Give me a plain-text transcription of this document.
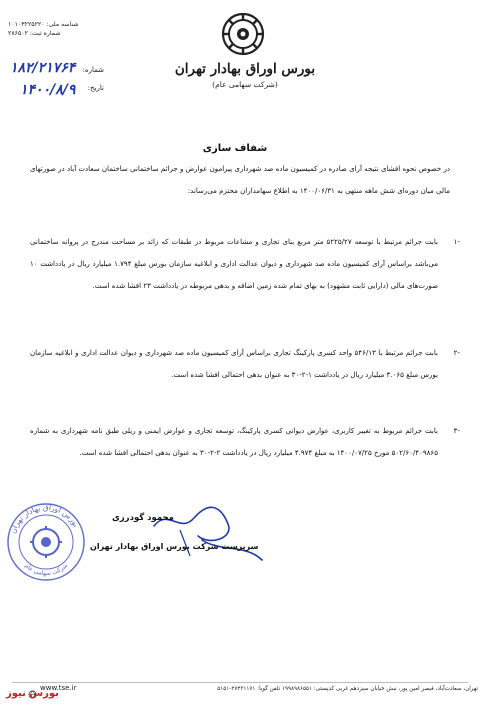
شناسه ملی: ۱۰۱۰۳۲۲۵۲۲۰
شماره ثبت: ۲۸۶۵۰۲
بورس اوراق بهادار تهران
(شرکت سهامی عام)
شماره:
۱۸۲/۲۱۷۶۴
تاریخ:
۱۴۰۰/۸/۹
شفاف سازی
در خصوص نحوه افشای نتیجه آرای صادره در کمیسیون ماده صد شهرداری پیرامون عوارض و جرائم ساختمانی ساختمان سعادت آباد در صورتهای مالی میان دوره‌ای شش ماهه منتهی به ۱۴۰۰/۰۶/۳۱ به اطلاع سهامداران محترم می‌رساند:
۱-
بابت جرائم مرتبط با توسعه ۵۲۲۵/۲۷ متر مربع بنای تجاری و مشاعات مربوط در طبقات که زائد بر مساحت مندرج در پروانه ساختمانی می‌باشد براساس آرای کمیسیون ماده صد شهرداری و دیوان عدالت اداری و ابلاغیه سازمان بورس مبلغ ۱.۷۹۴ میلیارد ریال در یادداشت ۱۰ صورت‌های مالی (دارایی ثابت مشهود) به بهای تمام شده زمین اضافه و بدهی مربوطه در یادداشت ۲۳ افشا شده است.
۲-
بابت جرائم مرتبط با ۵۴۶/۱۳ واحد کسری پارکینگ تجاری براساس آرای کمیسیون ماده صد شهرداری و دیوان عدالت اداری و ابلاغیه سازمان بورس مبلغ ۳.۰۶۵ میلیارد ریال در یادداشت ۱-۲-۳۰ به عنوان بدهی احتمالی افشا شده است.
۳-
بابت جرائم مربوط به تغییر کاربری، عوارض دیوانی کسری پارکینگ، توسعه تجاری و عوارض ایمنی و ریلی طبق نامه شهرداری به شماره ۵۰۲/۶۰/۴۰۹۸۶۵ مورخ ۱۴۰۰/۰۷/۲۵ به مبلغ ۴.۹۷۴ میلیارد ریال در یادداشت ۲-۲-۳۰ به عنوان بدهی احتمالی افشا شده است.
بورس اوراق بهادار تهران
شرکت سهامی عام
محمود گودرزی
سرپرست شرکت بورس اوراق بهادار تهران
تهران، سعادت‌آباد، قیصر امین پور، نبش خیابان سیزدهم غربی کدپستی: ۱۹۹۸۹۸۶۵۵۱ تلفن گویا: ۲۷۴۳۱۱۷۱-۵۱۵۱
www.tse.ir
بورس نیوز
